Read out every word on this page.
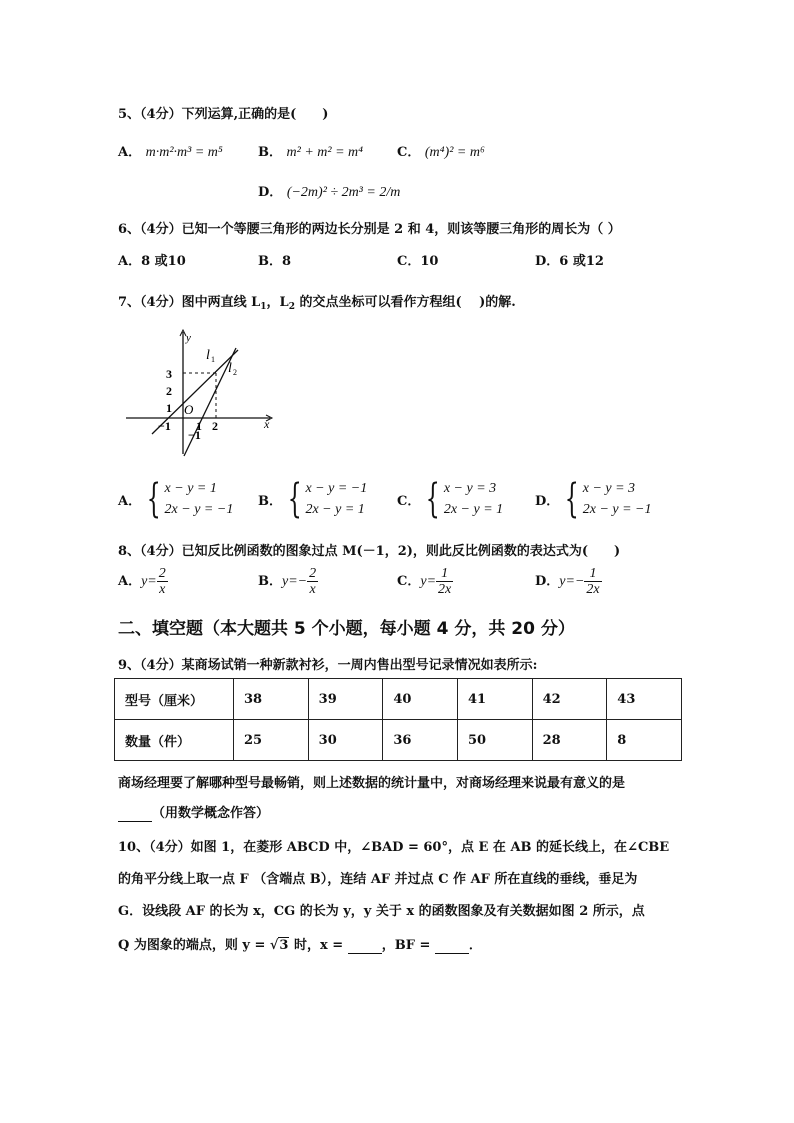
5、（4分）下列运算,正确的是(　　)
A． m·m²·m³ = m⁵	B． m² + m² = m⁴	C． (m⁴)² = m⁶
D． (−2m)² ÷ 2m³ = 2/m
6、（4分）已知一个等腰三角形的两边长分别是 2 和 4，则该等腰三角形的周长为（ ）
A．8 或10	B．8	C．10	D．6 或12
7、（4分）图中两直线 $L_1$，$L_2$ 的交点坐标可以看作方程组(　 )的解.
y
x
O
l 1
l 2
3
2
1
−1 1 2
−1
A． { x − y = 1
2x − y = −1
B． { x − y = −1
2x − y = 1
C． { x − y = 3
2x − y = 1
D． { x − y = 3
2x − y = −1
8、（4分）已知反比例函数的图象过点 M(－1，2)，则此反比例函数的表达式为(　　)
A．$y= \frac{2}{x}$	B．$y=- \frac{2}{x}$	C．$y= \frac{1}{2x}$	D．$y=- \frac{1}{2x}$
二、填空题（本大题共 5 个小题，每小题 4 分，共 20 分）
9、（4分）某商场试销一种新款衬衫，一周内售出型号记录情况如表所示:
型号（厘米）	38	39	40	41	42	43
数量（件）	25	30	36	50	28	8
商场经理要了解哪种型号最畅销，则上述数据的统计量中，对商场经理来说最有意义的是
（用数学概念作答）
10、（4分）如图 1，在菱形 ABCD 中，∠BAD = 60°，点 E 在 AB 的延长线上，在∠CBE
的角平分线上取一点 F （含端点 B），连结 AF 并过点 C 作 AF 所在直线的垂线，垂足为
G．设线段 AF 的长为 x，CG 的长为 y，y 关于 x 的函数图象及有关数据如图 2 所示，点
Q 为图象的端点，则 y = √3 时，x =	，BF =	．
